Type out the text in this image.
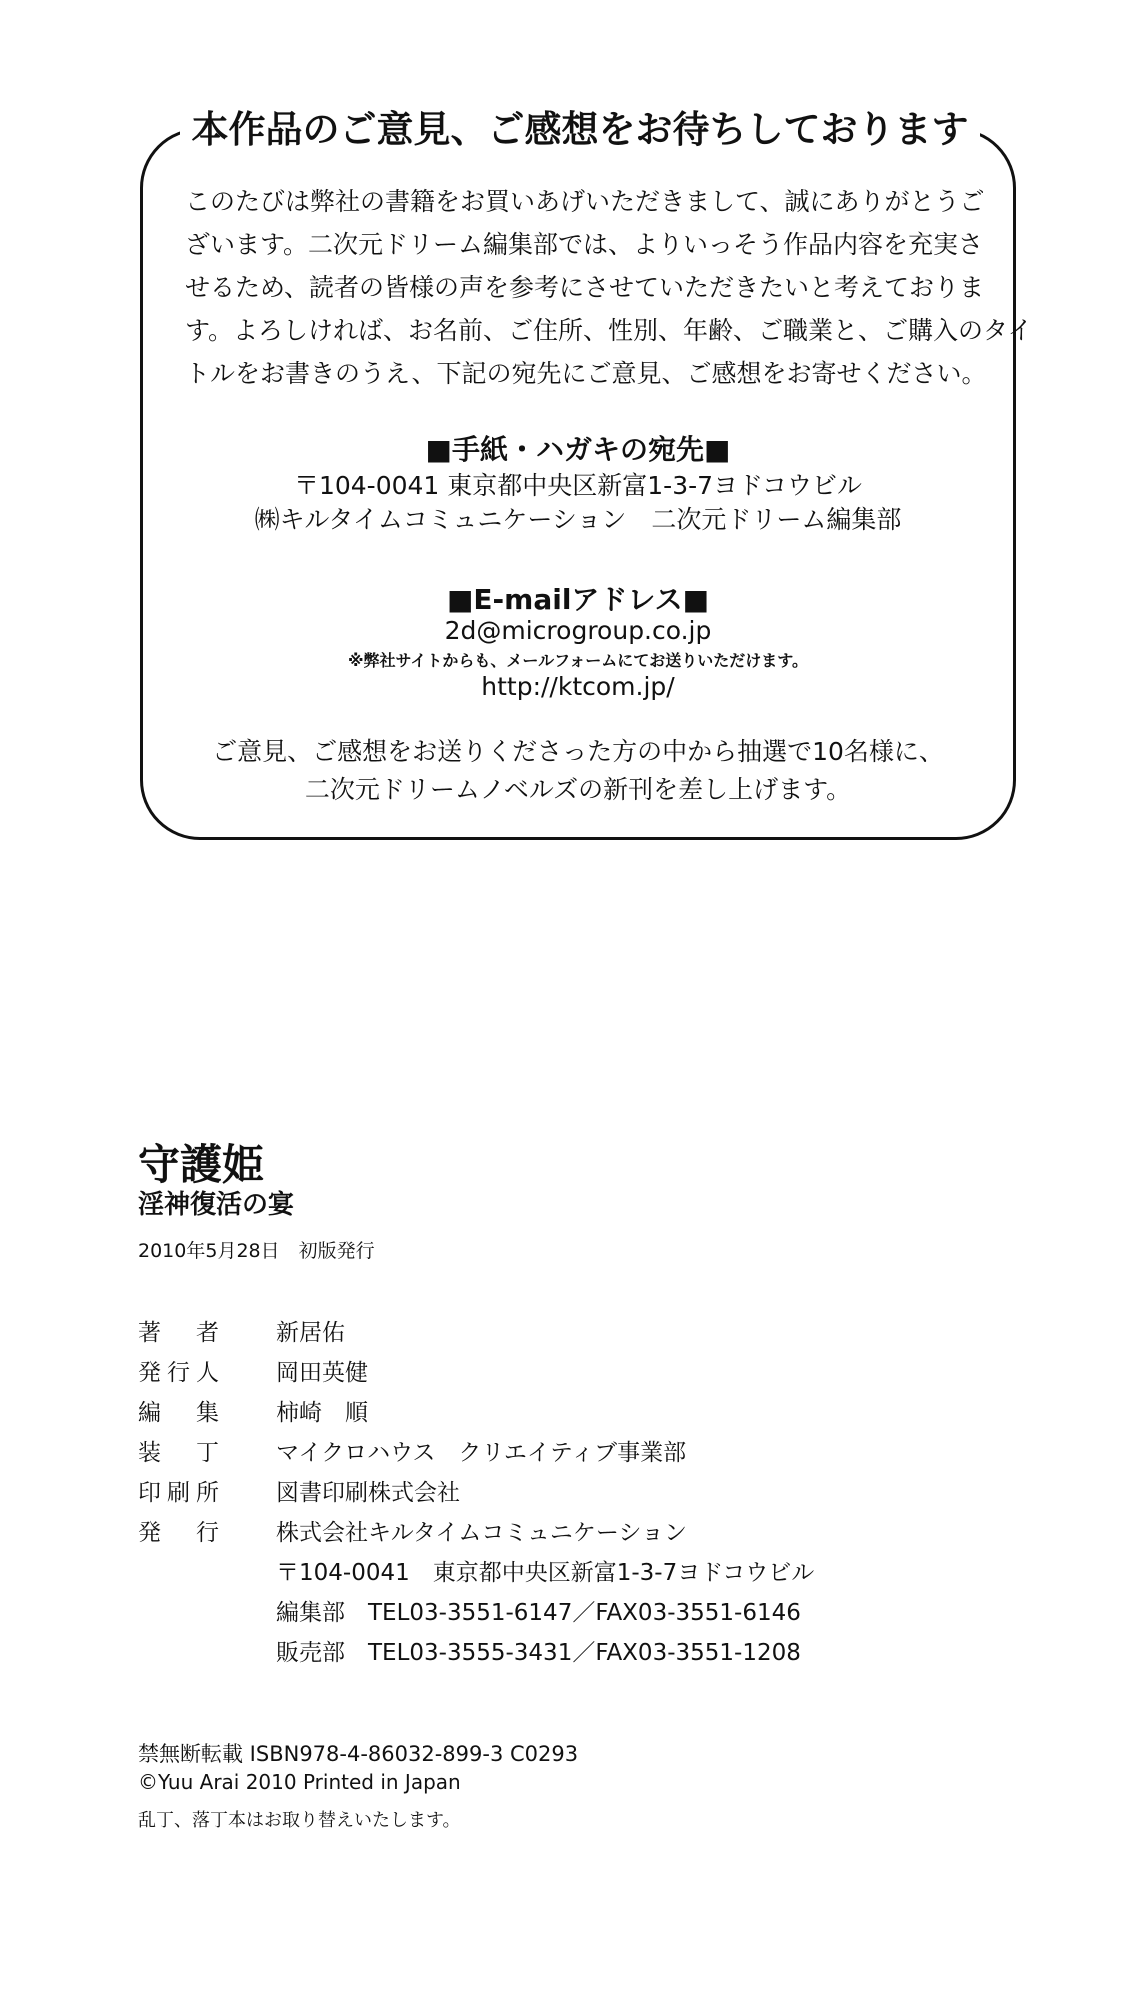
本作品のご意見、ご感想をお待ちしております
このたびは弊社の書籍をお買いあげいただきまして、誠にありがとうご
ざいます。二次元ドリーム編集部では、よりいっそう作品内容を充実さ
せるため、読者の皆様の声を参考にさせていただきたいと考えておりま
す。よろしければ、お名前、ご住所、性別、年齢、ご職業と、ご購入のタイ
トルをお書きのうえ、下記の宛先にご意見、ご感想をお寄せください。
■手紙・ハガキの宛先■
〒104-0041 東京都中央区新富1-3-7ヨドコウビル
㈱キルタイムコミュニケーション　二次元ドリーム編集部
■E-mailアドレス■
2d@microgroup.co.jp
※弊社サイトからも、メールフォームにてお送りいただけます。
http://ktcom.jp/
ご意見、ご感想をお送りくださった方の中から抽選で10名様に、
二次元ドリームノベルズの新刊を差し上げます。
守護姫
淫神復活の宴
2010年5月28日　初版発行
著　者 新居佑
発行人 岡田英健
編　集 柿崎　順
装　丁 マイクロハウス　クリエイティブ事業部
印刷所 図書印刷株式会社
発　行 株式会社キルタイムコミュニケーション
〒104-0041　東京都中央区新富1-3-7ヨドコウビル
編集部　TEL03-3551-6147／FAX03-3551-6146
販売部　TEL03-3555-3431／FAX03-3551-1208
禁無断転載 ISBN978-4-86032-899-3 C0293
©Yuu Arai 2010 Printed in Japan
乱丁、落丁本はお取り替えいたします。
